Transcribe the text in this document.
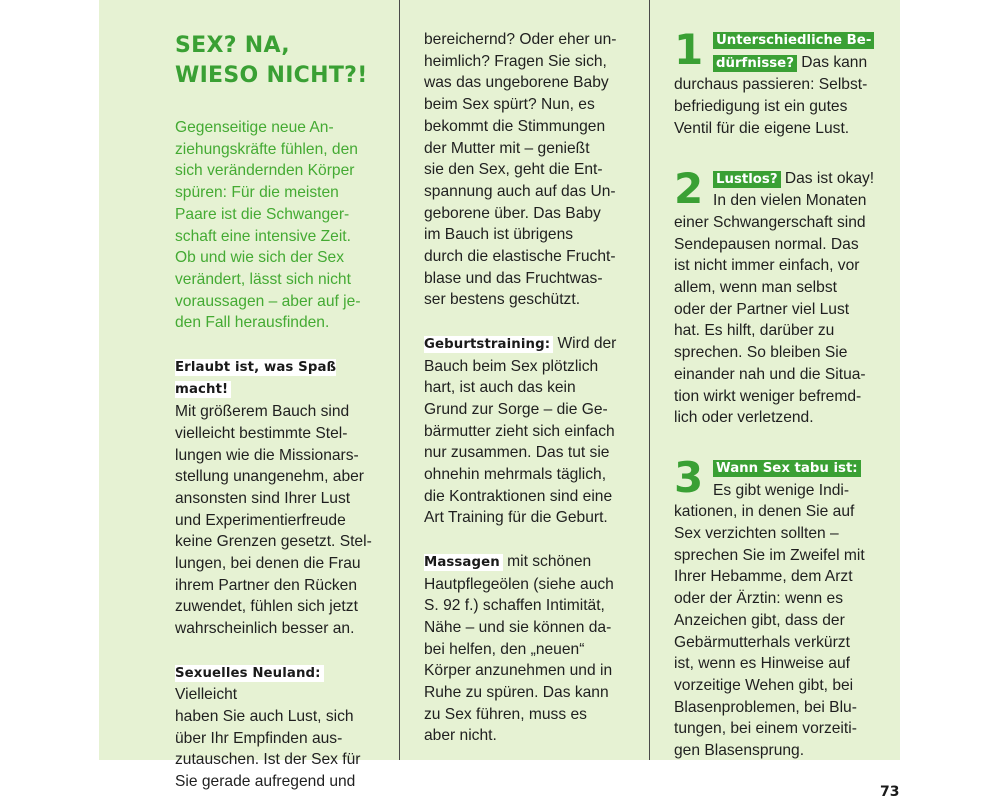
SEX? NA,
WIESO NICHT?!
Gegenseitige neue An-
ziehungskräfte fühlen, den
sich verändernden Körper
spüren: Für die meisten
Paare ist die Schwanger-
schaft eine intensive Zeit.
Ob und wie sich der Sex
verändert, lässt sich nicht
voraussagen – aber auf je-
den Fall herausfinden.
Erlaubt ist, was Spaß macht!
Mit größerem Bauch sind
vielleicht bestimmte Stel-
lungen wie die Missionars-
stellung unangenehm, aber
ansonsten sind Ihrer Lust
und Experimentierfreude
keine Grenzen gesetzt. Stel-
lungen, bei denen die Frau
ihrem Partner den Rücken
zuwendet, fühlen sich jetzt
wahrscheinlich besser an.
Sexuelles Neuland: Vielleicht
haben Sie auch Lust, sich
über Ihr Empfinden aus-
zutauschen. Ist der Sex für
Sie gerade aufregend und
bereichernd? Oder eher un-
heimlich? Fragen Sie sich,
was das ungeborene Baby
beim Sex spürt? Nun, es
bekommt die Stimmungen
der Mutter mit – genießt
sie den Sex, geht die Ent-
spannung auch auf das Un-
geborene über. Das Baby
im Bauch ist übrigens
durch die elastische Frucht-
blase und das Fruchtwas-
ser bestens geschützt.
Geburtstraining: Wird der
Bauch beim Sex plötzlich
hart, ist auch das kein
Grund zur Sorge – die Ge-
bärmutter zieht sich einfach
nur zusammen. Das tut sie
ohnehin mehrmals täglich,
die Kontraktionen sind eine
Art Training für die Geburt.
Massagen mit schönen
Hautpflegeölen (siehe auch
S. 92 f.) schaffen Intimität,
Nähe – und sie können da-
bei helfen, den „neuen“
Körper anzunehmen und in
Ruhe zu spüren. Das kann
zu Sex führen, muss es
aber nicht.
1 Unterschiedliche Be-
dürfnisse? Das kann
durchaus passieren: Selbst-
befriedigung ist ein gutes
Ventil für die eigene Lust.
2 Lustlos? Das ist okay!
In den vielen Monaten
einer Schwangerschaft sind
Sendepausen normal. Das
ist nicht immer einfach, vor
allem, wenn man selbst
oder der Partner viel Lust
hat. Es hilft, darüber zu
sprechen. So bleiben Sie
einander nah und die Situa-
tion wirkt weniger befremd-
lich oder verletzend.
3 Wann Sex tabu ist:
Es gibt wenige Indi-
kationen, in denen Sie auf
Sex verzichten sollten –
sprechen Sie im Zweifel mit
Ihrer Hebamme, dem Arzt
oder der Ärztin: wenn es
Anzeichen gibt, dass der
Gebärmutterhals verkürzt
ist, wenn es Hinweise auf
vorzeitige Wehen gibt, bei
Blasenproblemen, bei Blu-
tungen, bei einem vorzeiti-
gen Blasensprung.
73
